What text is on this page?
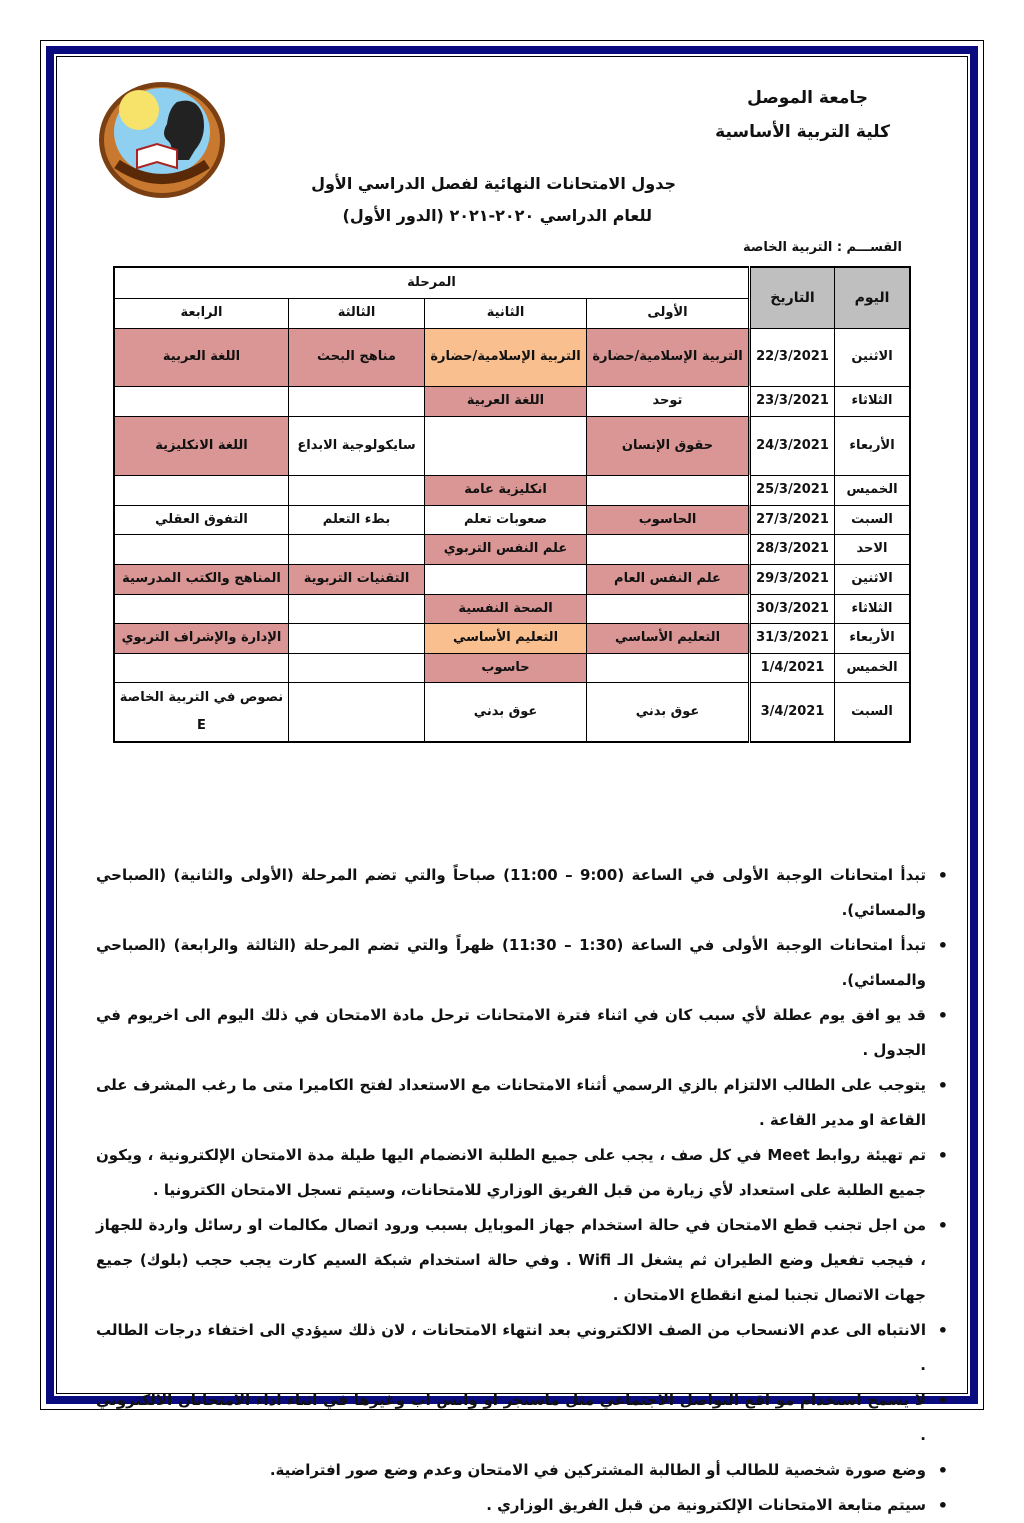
جامعة الموصل
كلية التربية الأساسية
جدول الامتحانات النهائية لفصل الدراسي الأول
للعام الدراسي ٢٠٢٠-٢٠٢١ (الدور الأول)
القســـم : التربية الخاصة
اليوم	التاريخ	المرحلة			
		الأولى	الثانية	الثالثة	الرابعة
الاثنين	22/3/2021	التربية الإسلامية/حضارة	التربية الإسلامية/حضارة	مناهج البحث	اللغة العربية
الثلاثاء	23/3/2021	توحد	اللغة العربية		
الأربعاء	24/3/2021	حقوق الإنسان		سايكولوجية الابداع	اللغة الانكليزية
الخميس	25/3/2021		انكليزية عامة		
السبت	27/3/2021	الحاسوب	صعوبات تعلم	بطء التعلم	التفوق العقلي
الاحد	28/3/2021		علم النفس التربوي		
الاثنين	29/3/2021	علم النفس العام		التقنيات التربوية	المناهج والكتب المدرسية
الثلاثاء	30/3/2021		الصحة النفسية		
الأربعاء	31/3/2021	التعليم الأساسي	التعليم الأساسي		الإدارة والإشراف التربوي
الخميس	1/4/2021		حاسوب		
السبت	3/4/2021	عوق بدني	عوق بدني		نصوص في التربية الخاصة E
• تبدأ امتحانات الوجبة الأولى في الساعة (9:00 – 11:00) صباحاً والتي تضم المرحلة (الأولى والثانية) (الصباحي والمسائي).
• تبدأ امتحانات الوجبة الأولى في الساعة (1:30 – 11:30) ظهراً والتي تضم المرحلة (الثالثة والرابعة) (الصباحي والمسائي).
• قد يو افق يوم عطلة لأي سبب كان في اثناء فترة الامتحانات ترحل مادة الامتحان في ذلك اليوم الى اخريوم في الجدول .
• يتوجب على الطالب الالتزام بالزي الرسمي أثناء الامتحانات مع الاستعداد لفتح الكاميرا متى ما رغب المشرف على القاعة او مدير القاعة .
• تم تهيئة روابط Meet في كل صف ، يجب على جميع الطلبة الانضمام اليها طيلة مدة الامتحان الإلكترونية ، ويكون جميع الطلبة على استعداد لأي زيارة من قبل الفريق الوزاري للامتحانات، وسيتم تسجل الامتحان الكترونيا .
• من اجل تجنب قطع الامتحان في حالة استخدام جهاز الموبايل بسبب ورود اتصال مكالمات او رسائل واردة للجهاز ، فيجب تفعيل وضع الطيران ثم يشغل الـ Wifi . وفي حالة استخدام شبكة السيم كارت يجب حجب (بلوك) جميع جهات الاتصال تجنبا لمنع انقطاع الامتحان .
• الانتباه الى عدم الانسحاب من الصف الالكتروني بعد انتهاء الامتحانات ، لان ذلك سيؤدي الى اختفاء درجات الطالب .
• لا يسمح استخدام مو اقع التواصل الاجتماعي مثل ماسنجر او واتس اب وغيرها في اثناء اداء الامتحانان الالكتروني .
• وضع صورة شخصية للطالب أو الطالبة المشتركين في الامتحان وعدم وضع صور افتراضية.
• سيتم متابعة الامتحانات الإلكترونية من قبل الفريق الوزاري .
